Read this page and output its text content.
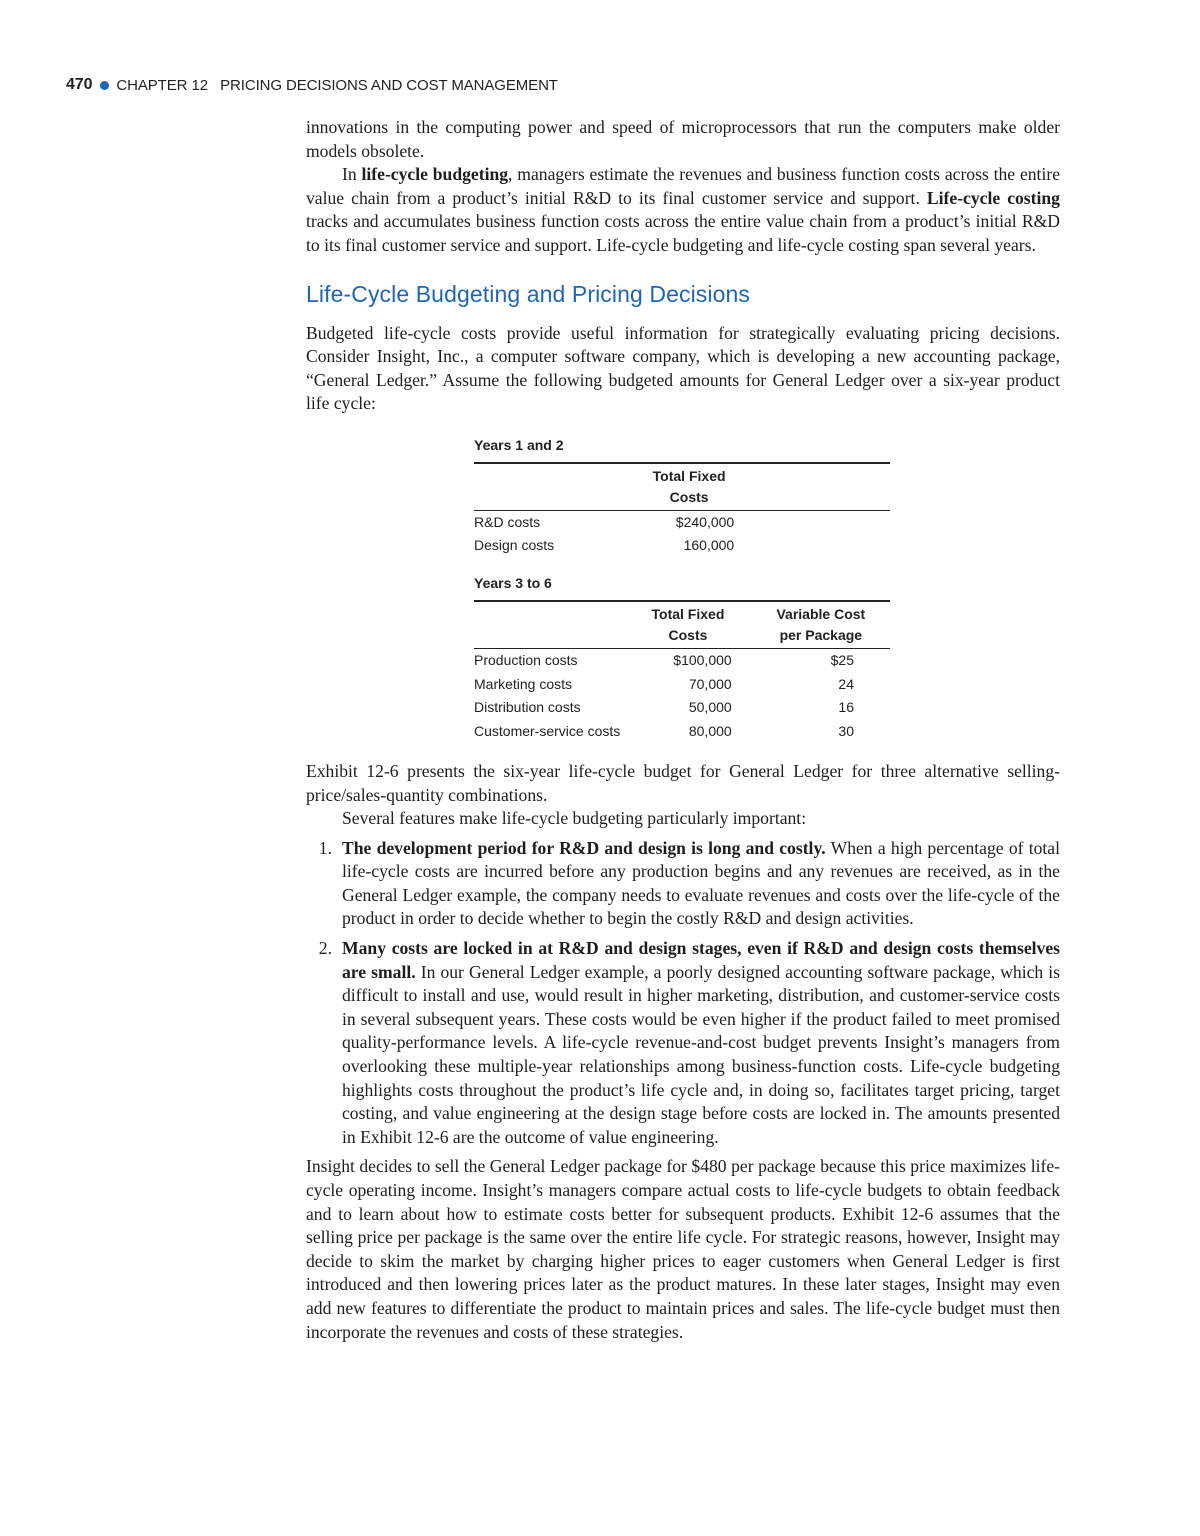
470 CHAPTER 12   PRICING DECISIONS AND COST MANAGEMENT

innovations in the computing power and speed of microprocessors that run the computers make older models obsolete.

In life-cycle budgeting, managers estimate the revenues and business function costs across the entire value chain from a product’s initial R&D to its final customer service and support. Life-cycle costing tracks and accumulates business function costs across the entire value chain from a product’s initial R&D to its final customer service and support. Life-cycle budgeting and life-cycle costing span several years.

Life-Cycle Budgeting and Pricing Decisions

Budgeted life-cycle costs provide useful information for strategically evaluating pricing decisions. Consider Insight, Inc., a computer software company, which is developing a new accounting package, “General Ledger.” Assume the following budgeted amounts for General Ledger over a six-year product life cycle:

Years 1 and 2
	Total Fixed
Costs	
R&D costs	$240,000	
Design costs	160,000	
Years 3 to 6
	Total Fixed
Costs	Variable Cost
per Package
Production costs	$100,000	$25
Marketing costs	70,000	24
Distribution costs	50,000	16
Customer-service costs	80,000	30

Exhibit 12-6 presents the six-year life-cycle budget for General Ledger for three alternative selling-price/sales-quantity combinations.

Several features make life-cycle budgeting particularly important:

1. The development period for R&D and design is long and costly. When a high percentage of total life-cycle costs are incurred before any production begins and any revenues are received, as in the General Ledger example, the company needs to evaluate revenues and costs over the life-cycle of the product in order to decide whether to begin the costly R&D and design activities.
2. Many costs are locked in at R&D and design stages, even if R&D and design costs themselves are small. In our General Ledger example, a poorly designed accounting software package, which is difficult to install and use, would result in higher marketing, distribution, and customer-service costs in several subsequent years. These costs would be even higher if the product failed to meet promised quality-performance levels. A life-cycle revenue-and-cost budget prevents Insight’s managers from overlooking these multiple-year relationships among business-function costs. Life-cycle budgeting highlights costs throughout the product’s life cycle and, in doing so, facilitates target pricing, target costing, and value engineering at the design stage before costs are locked in. The amounts presented in Exhibit 12-6 are the outcome of value engineering.

Insight decides to sell the General Ledger package for $480 per package because this price maximizes life-cycle operating income. Insight’s managers compare actual costs to life-cycle budgets to obtain feedback and to learn about how to estimate costs better for subsequent products. Exhibit 12-6 assumes that the selling price per package is the same over the entire life cycle. For strategic reasons, however, Insight may decide to skim the market by charging higher prices to eager customers when General Ledger is first introduced and then lowering prices later as the product matures. In these later stages, Insight may even add new features to differentiate the product to maintain prices and sales. The life-cycle budget must then incorporate the revenues and costs of these strategies.
